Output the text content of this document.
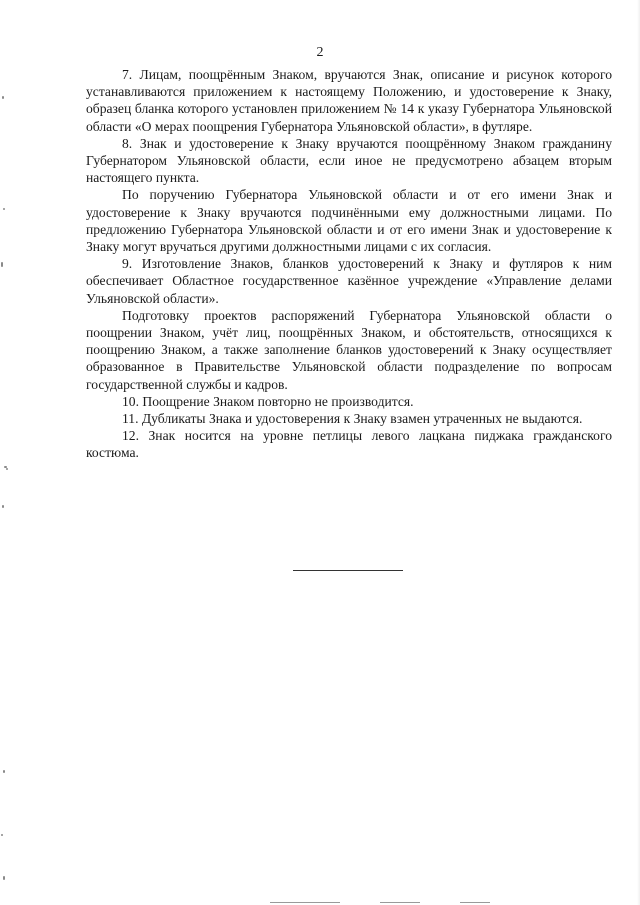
2

7. Лицам, поощрённым Знаком, вручаются Знак, описание и рисунок которого устанавливаются приложением к настоящему Положению, и удостоверение к Знаку, образец бланка которого установлен приложением № 14 к указу Губернатора Ульяновской области «О мерах поощрения Губернатора Ульяновской области», в футляре.

8. Знак и удостоверение к Знаку вручаются поощрённому Знаком гражданину Губернатором Ульяновской области, если иное не предусмотрено абзацем вторым настоящего пункта.

По поручению Губернатора Ульяновской области и от его имени Знак и удостоверение к Знаку вручаются подчинёнными ему должностными лицами. По предложению Губернатора Ульяновской области и от его имени Знак и удостоверение к Знаку могут вручаться другими должностными лицами с их согласия.

9. Изготовление Знаков, бланков удостоверений к Знаку и футляров к ним обеспечивает Областное государственное казённое учреждение «Управление делами Ульяновской области».

Подготовку проектов распоряжений Губернатора Ульяновской области о поощрении Знаком, учёт лиц, поощрённых Знаком, и обстоятельств, относящихся к поощрению Знаком, а также заполнение бланков удостоверений к Знаку осуществляет образованное в Правительстве Ульяновской области подразделение по вопросам государственной службы и кадров.

10. Поощрение Знаком повторно не производится.

11. Дубликаты Знака и удостоверения к Знаку взамен утраченных не выдаются.

12. Знак носится на уровне петлицы левого лацкана пиджака гражданского костюма.
